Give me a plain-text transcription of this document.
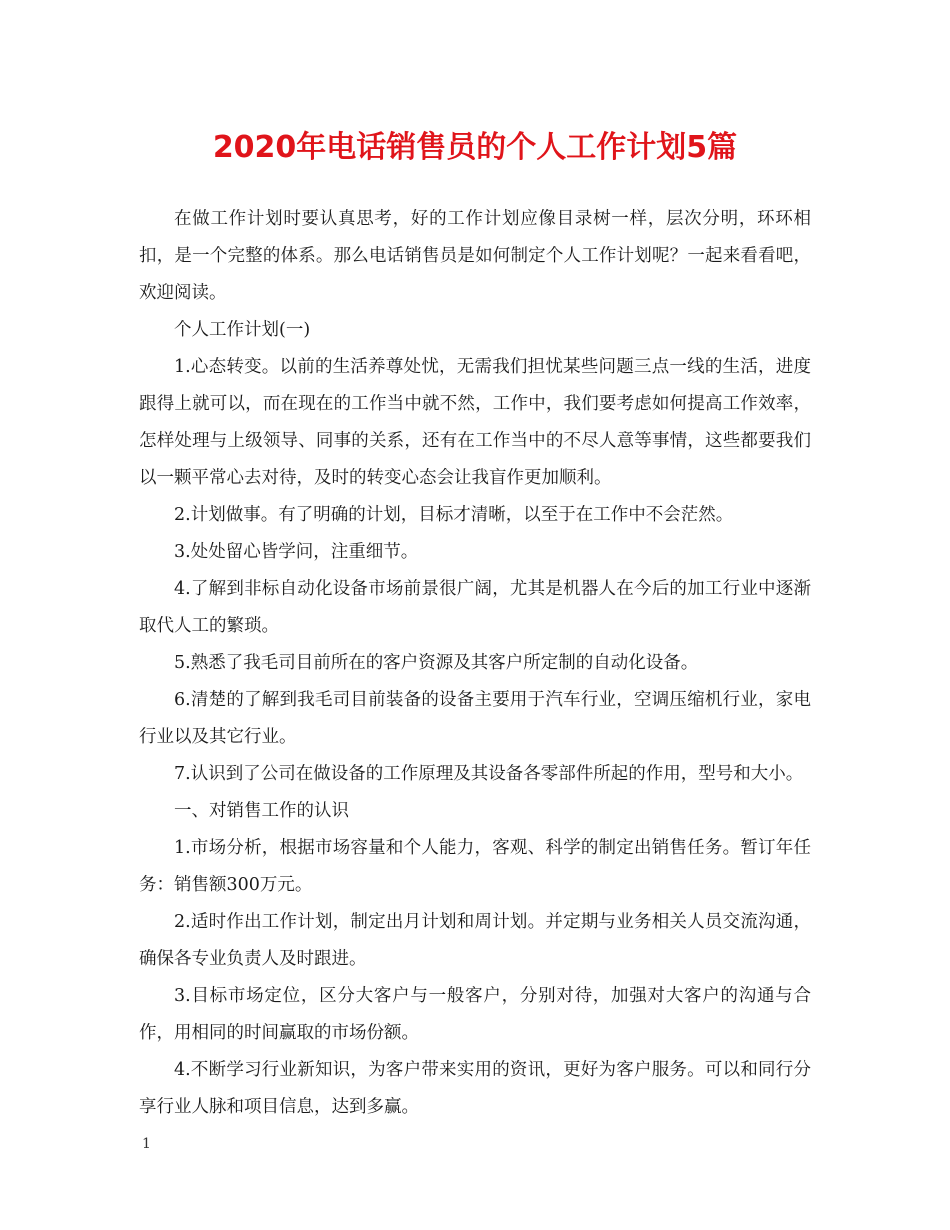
2020年电话销售员的个人工作计划5篇

在做工作计划时要认真思考，好的工作计划应像目录树一样，层次分明，环环相扣，是一个完整的体系。那么电话销售员是如何制定个人工作计划呢？一起来看看吧，欢迎阅读。

个人工作计划(一)

1.心态转变。以前的生活养尊处忧，无需我们担忧某些问题三点一线的生活，进度跟得上就可以，而在现在的工作当中就不然，工作中，我们要考虑如何提高工作效率，怎样处理与上级领导、同事的关系，还有在工作当中的不尽人意等事情，这些都要我们以一颗平常心去对待，及时的转变心态会让我盲作更加顺利。

2.计划做事。有了明确的计划，目标才清晰，以至于在工作中不会茫然。

3.处处留心皆学问，注重细节。

4.了解到非标自动化设备市场前景很广阔，尤其是机器人在今后的加工行业中逐渐取代人工的繁琐。

5.熟悉了我毛司目前所在的客户资源及其客户所定制的自动化设备。

6.清楚的了解到我毛司目前装备的设备主要用于汽车行业，空调压缩机行业，家电行业以及其它行业。

7.认识到了公司在做设备的工作原理及其设备各零部件所起的作用，型号和大小。

一、对销售工作的认识

1.市场分析，根据市场容量和个人能力，客观、科学的制定出销售任务。暂订年任务：销售额300万元。

2.适时作出工作计划，制定出月计划和周计划。并定期与业务相关人员交流沟通，确保各专业负责人及时跟进。

3.目标市场定位，区分大客户与一般客户，分别对待，加强对大客户的沟通与合作，用相同的时间赢取的市场份额。

4.不断学习行业新知识，为客户带来实用的资讯，更好为客户服务。可以和同行分享行业人脉和项目信息，达到多赢。

1
